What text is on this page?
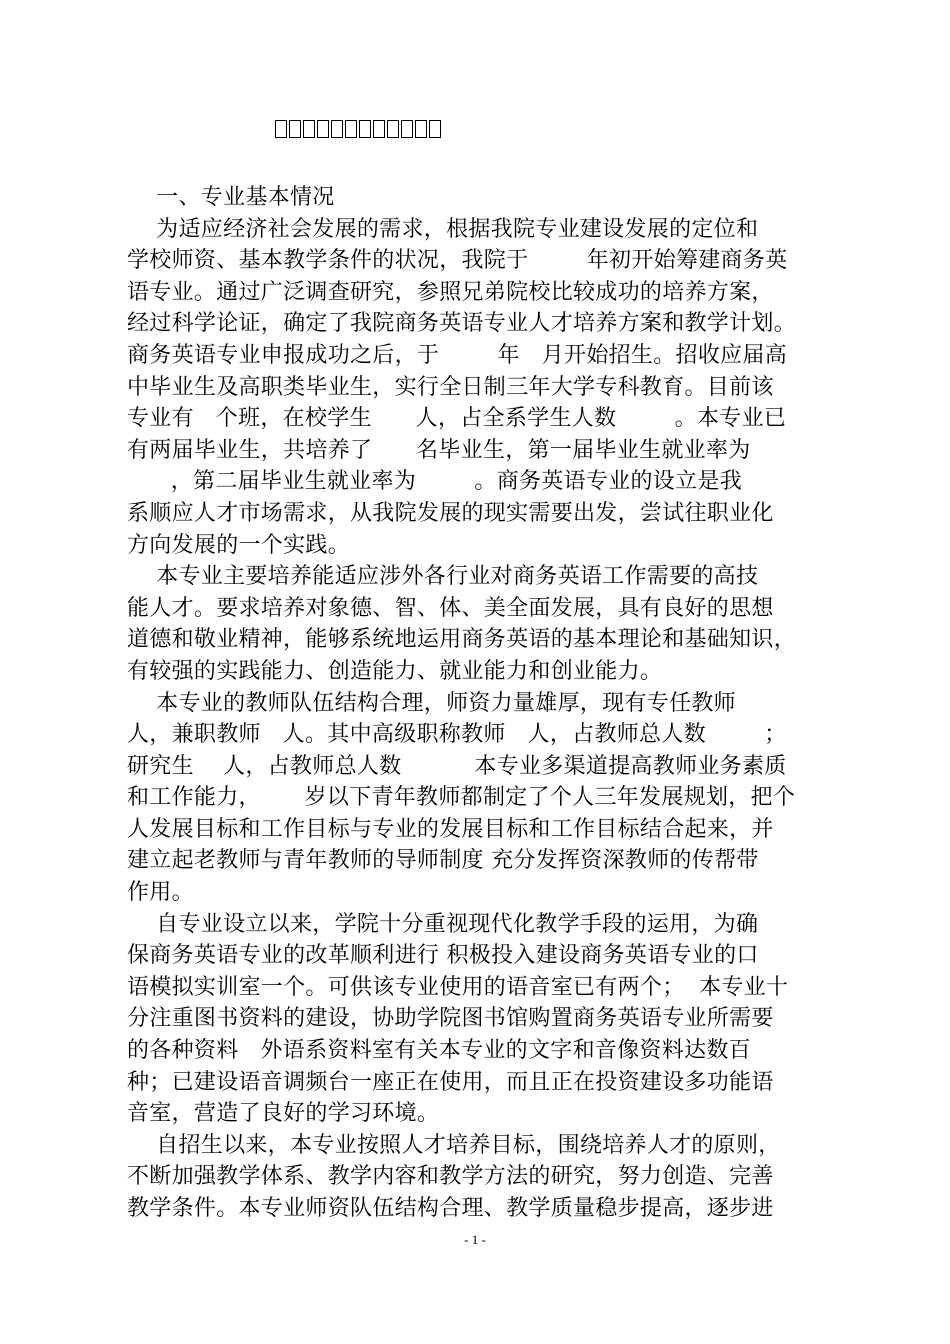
一、专业基本情况
为适应经济社会发展的需求，根据我院专业建设发展的定位和
学校师资、基本教学条件的状况，我院于        年初开始筹建商务英
语专业。通过广泛调查研究，参照兄弟院校比较成功的培养方案，
经过科学论证，确定了我院商务英语专业人才培养方案和教学计划。
商务英语专业申报成功之后，于        年   月开始招生。招收应届高
中毕业生及高职类毕业生，实行全日制三年大学专科教育。目前该
专业有   个班，在校学生      人，占全系学生人数        。本专业已
有两届毕业生，共培养了      名毕业生，第一届毕业生就业率为
，第二届毕业生就业率为        。商务英语专业的设立是我
系顺应人才市场需求，从我院发展的现实需要出发，尝试往职业化
方向发展的一个实践。
本专业主要培养能适应涉外各行业对商务英语工作需要的高技
能人才。要求培养对象德、智、体、美全面发展，具有良好的思想
道德和敬业精神，能够系统地运用商务英语的基本理论和基础知识，
有较强的实践能力、创造能力、就业能力和创业能力。
本专业的教师队伍结构合理，师资力量雄厚，现有专任教师
人，兼职教师   人。其中高级职称教师   人，占教师总人数        ；
研究生    人，占教师总人数          本专业多渠道提高教师业务素质
和工作能力，      岁以下青年教师都制定了个人三年发展规划，把个
人发展目标和工作目标与专业的发展目标和工作目标结合起来，并
建立起老教师与青年教师的导师制度 充分发挥资深教师的传帮带
作用。
自专业设立以来，学院十分重视现代化教学手段的运用，为确
保商务英语专业的改革顺利进行 积极投入建设商务英语专业的口
语模拟实训室一个。可供该专业使用的语音室已有两个；  本专业十
分注重图书资料的建设，协助学院图书馆购置商务英语专业所需要
的各种资料   外语系资料室有关本专业的文字和音像资料达数百
种；已建设语音调频台一座正在使用，而且正在投资建设多功能语
音室，营造了良好的学习环境。
自招生以来，本专业按照人才培养目标，围绕培养人才的原则，
不断加强教学体系、教学内容和教学方法的研究，努力创造、完善
教学条件。本专业师资队伍结构合理、教学质量稳步提高，逐步进
- 1 -
